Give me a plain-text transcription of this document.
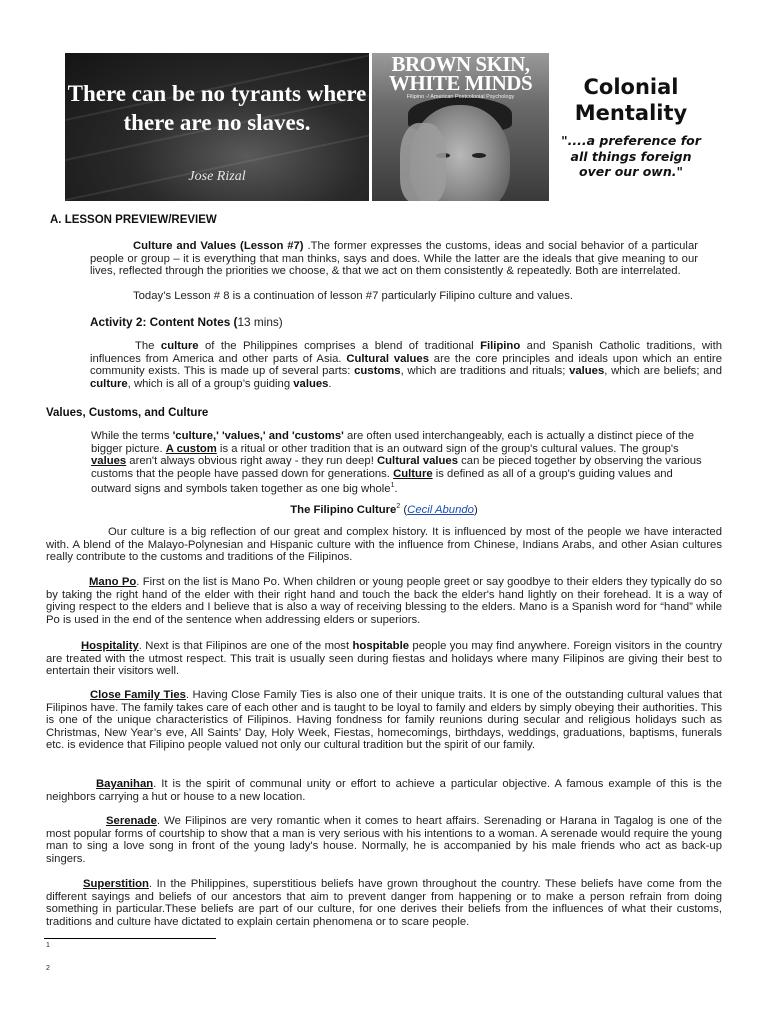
There can be no tyrants where there are no slaves.
Jose Rizal
BROWN SKIN, WHITE MINDS
Filipino -/ American Postcolonial Psychology	Colonial Mentality
"....a preference for all things foreign over our own."
A. LESSON PREVIEW/REVIEW

Culture and Values (Lesson #7) .The former expresses the customs, ideas and social behavior of a particular people or group – it is everything that man thinks, says and does. While the latter are the ideals that give meaning to our lives, reflected through the priorities we choose, & that we act on them consistently & repeatedly. Both are interrelated.

Today’s Lesson # 8 is a continuation of lesson #7 particularly Filipino culture and values.

Activity 2: Content Notes (13 mins)

The culture of the Philippines comprises a blend of traditional Filipino and Spanish Catholic traditions, with influences from America and other parts of Asia. Cultural values are the core principles and ideals upon which an entire community exists. This is made up of several parts: customs, which are traditions and rituals; values, which are beliefs; and culture, which is all of a group’s guiding values.

Values, Customs, and Culture

While the terms 'culture,' 'values,' and 'customs' are often used interchangeably, each is actually a distinct piece of the bigger picture. A custom is a ritual or other tradition that is an outward sign of the group's cultural values. The group's values aren't always obvious right away - they run deep! Cultural values can be pieced together by observing the various customs that the people have passed down for generations. Culture is defined as all of a group's guiding values and outward signs and symbols taken together as one big whole$^1$.

The Filipino Culture$^2$ (Cecil Abundo)

Our culture is a big reflection of our great and complex history. It is influenced by most of the people we have interacted with. A blend of the Malayo-Polynesian and Hispanic culture with the influence from Chinese, Indians Arabs, and other Asian cultures really contribute to the customs and traditions of the Filipinos.

Mano Po. First on the list is Mano Po. When children or young people greet or say goodbye to their elders they typically do so by taking the right hand of the elder with their right hand and touch the back the elder's hand lightly on their forehead. It is a way of giving respect to the elders and I believe that is also a way of receiving blessing to the elders. Mano is a Spanish word for “hand” while Po is used in the end of the sentence when addressing elders or superiors.

Hospitality. Next is that Filipinos are one of the most hospitable people you may find anywhere. Foreign visitors in the country are treated with the utmost respect. This trait is usually seen during fiestas and holidays where many Filipinos are giving their best to entertain their visitors well.

Close Family Ties. Having Close Family Ties is also one of their unique traits. It is one of the outstanding cultural values that Filipinos have. The family takes care of each other and is taught to be loyal to family and elders by simply obeying their authorities. This is one of the unique characteristics of Filipinos. Having fondness for family reunions during secular and religious holidays such as Christmas, New Year’s eve, All Saints’ Day, Holy Week, Fiestas, homecomings, birthdays, weddings, graduations, baptisms, funerals etc. is evidence that Filipino people valued not only our cultural tradition but the spirit of our family.

Bayanihan. It is the spirit of communal unity or effort to achieve a particular objective. A famous example of this is the neighbors carrying a hut or house to a new location.

Serenade. We Filipinos are very romantic when it comes to heart affairs. Serenading or Harana in Tagalog is one of the most popular forms of courtship to show that a man is very serious with his intentions to a woman. A serenade would require the young man to sing a love song in front of the young lady's house. Normally, he is accompanied by his male friends who act as back-up singers.

Superstition. In the Philippines, superstitious beliefs have grown throughout the country. These beliefs have come from the different sayings and beliefs of our ancestors that aim to prevent danger from happening or to make a person refrain from doing something in particular.These beliefs are part of our culture, for one derives their beliefs from the influences of what their customs, traditions and culture have dictated to explain certain phenomena or to scare people.

1
2
